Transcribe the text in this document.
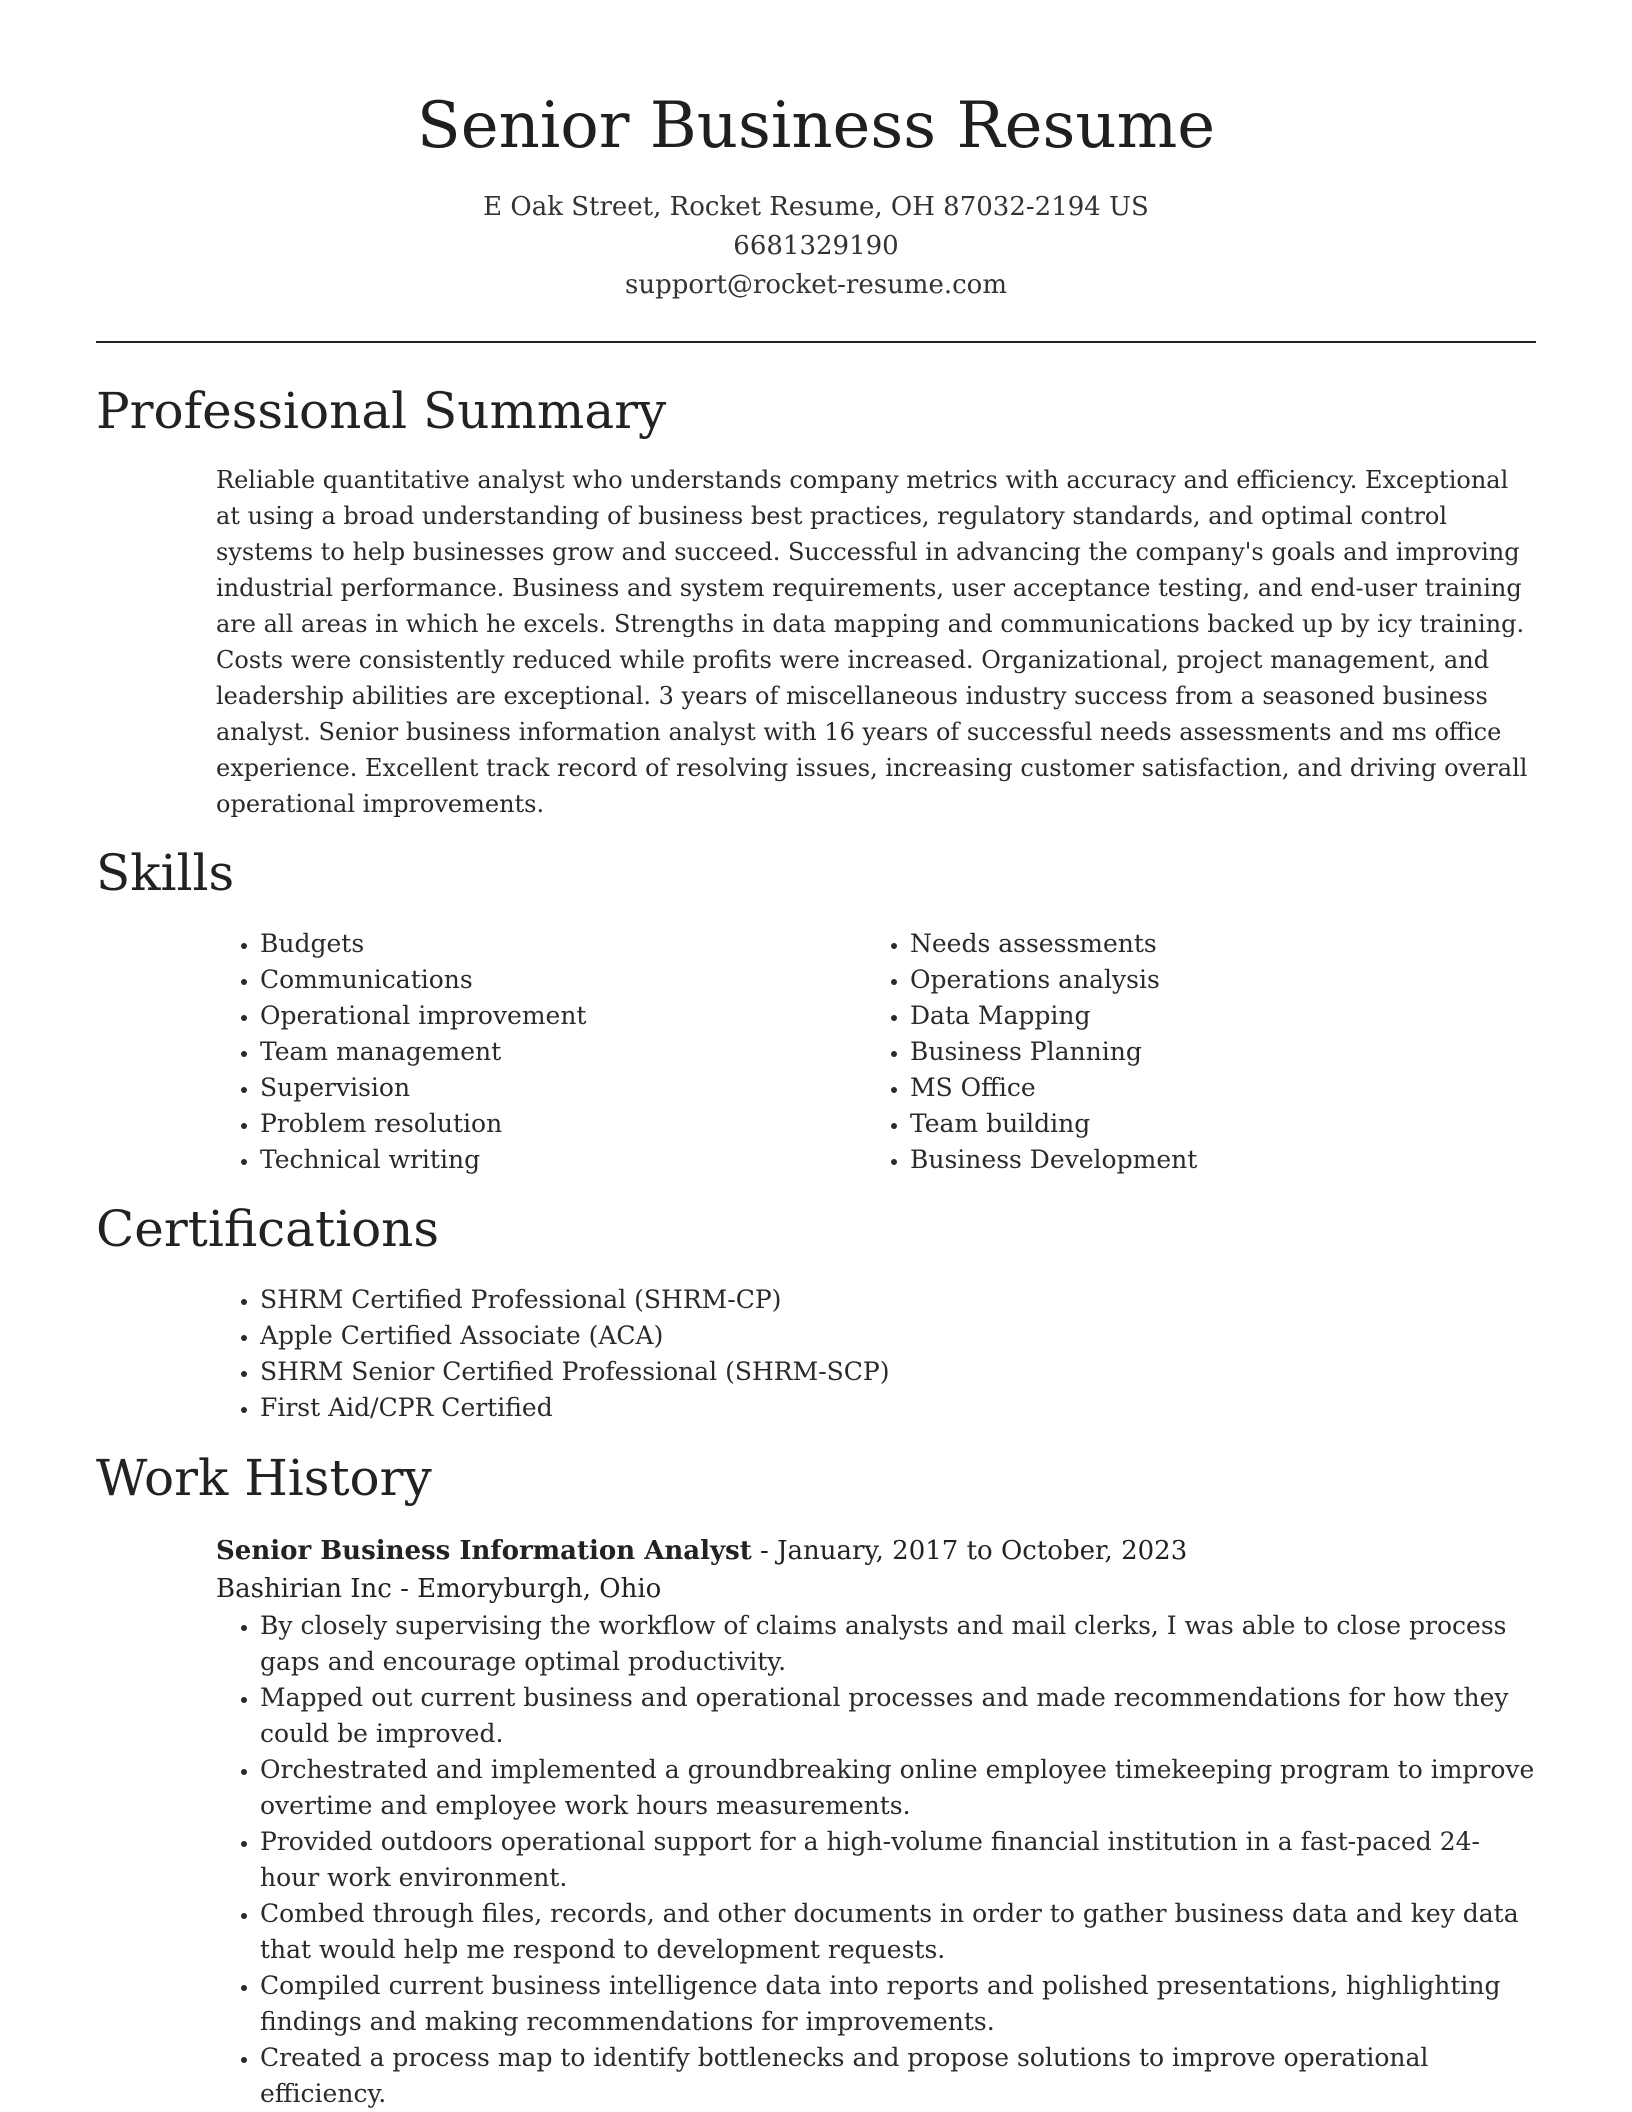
Senior Business Resume
E Oak Street, Rocket Resume, OH 87032-2194 US
6681329190
support@rocket-resume.com
Professional Summary
Reliable quantitative analyst who understands company metrics with accuracy and efficiency. Exceptional at using a broad understanding of business best practices, regulatory standards, and optimal control systems to help businesses grow and succeed. Successful in advancing the company's goals and improving industrial performance. Business and system requirements, user acceptance testing, and end-user training are all areas in which he excels. Strengths in data mapping and communications backed up by icy training. Costs were consistently reduced while profits were increased. Organizational, project management, and leadership abilities are exceptional. 3 years of miscellaneous industry success from a seasoned business analyst. Senior business information analyst with 16 years of successful needs assessments and ms office experience. Excellent track record of resolving issues, increasing customer satisfaction, and driving overall operational improvements.
Skills
• Budgets
• Communications
• Operational improvement
• Team management
• Supervision
• Problem resolution
• Technical writing
• Needs assessments
• Operations analysis
• Data Mapping
• Business Planning
• MS Office
• Team building
• Business Development
Certifications
• SHRM Certified Professional (SHRM-CP)
• Apple Certified Associate (ACA)
• SHRM Senior Certified Professional (SHRM-SCP)
• First Aid/CPR Certified
Work History
Senior Business Information Analyst - January, 2017 to October, 2023
Bashirian Inc - Emoryburgh, Ohio
• By closely supervising the workflow of claims analysts and mail clerks, I was able to close process gaps and encourage optimal productivity.
• Mapped out current business and operational processes and made recommendations for how they could be improved.
• Orchestrated and implemented a groundbreaking online employee timekeeping program to improve overtime and employee work hours measurements.
• Provided outdoors operational support for a high-volume financial institution in a fast-paced 24-hour work environment.
• Combed through files, records, and other documents in order to gather business data and key data that would help me respond to development requests.
• Compiled current business intelligence data into reports and polished presentations, highlighting findings and making recommendations for improvements.
• Created a process map to identify bottlenecks and propose solutions to improve operational efficiency.
